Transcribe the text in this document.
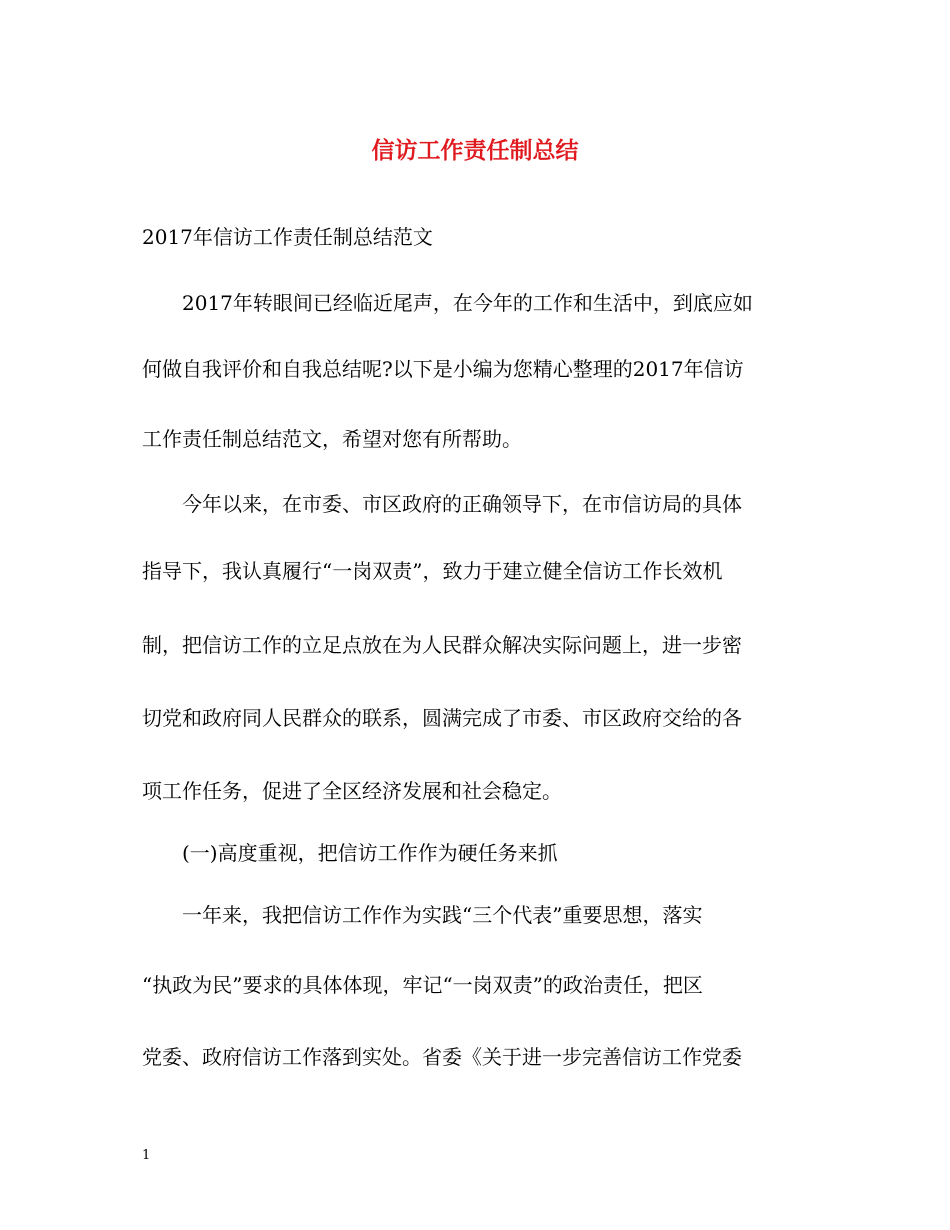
信访工作责任制总结
2017年信访工作责任制总结范文
2017年转眼间已经临近尾声，在今年的工作和生活中，到底应如
何做自我评价和自我总结呢?以下是小编为您精心整理的2017年信访
工作责任制总结范文，希望对您有所帮助。
今年以来，在市委、市区政府的正确领导下，在市信访局的具体
指导下，我认真履行“一岗双责”，致力于建立健全信访工作长效机
制，把信访工作的立足点放在为人民群众解决实际问题上，进一步密
切党和政府同人民群众的联系，圆满完成了市委、市区政府交给的各
项工作任务，促进了全区经济发展和社会稳定。
(一)高度重视，把信访工作作为硬任务来抓
一年来，我把信访工作作为实践“三个代表”重要思想，落实
“执政为民”要求的具体体现，牢记“一岗双责”的政治责任，把区
党委、政府信访工作落到实处。省委《关于进一步完善信访工作党委
1
